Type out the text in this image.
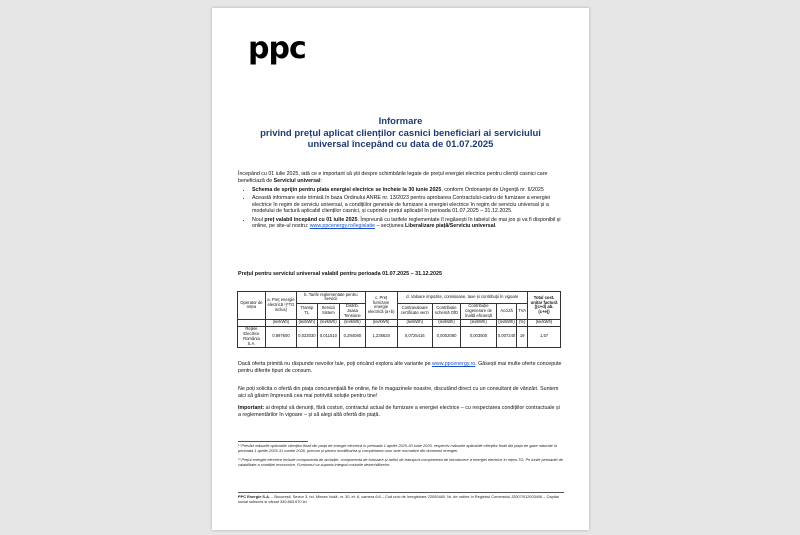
ppc
Informare
privind prețul aplicat clienților casnici beneficiari ai serviciului
universal începând cu data de 01.07.2025
Începând cu 01 iulie 2025, iată ce e important să știi despre schimbările legate de prețul energiei electrice pentru clienții casnici care beneficiază de Serviciul universal:
• Schema de sprijin pentru plata energiei electrice se încheie la 30 iunie 2025, conform Ordonanței de Urgență nr. 6/2025
• Această informare este trimisă în baza Ordinului ANRE nr. 13/2023 pentru aprobarea Contractului-cadru de furnizare a energiei electrice în regim de serviciu universal, a condițiilor generale de furnizare a energiei electrice în regim de serviciu universal și a modelului de factură aplicabil clienților casnici, și cuprinde prețul aplicabil în perioada 01.07.2025 – 31.12.2025.
• Noul preț valabil începând cu 01 iulie 2025. Împreună cu tarifele reglementate îl regăsești în tabelul de mai jos și va fi disponibil și online, pe site-ul nostru: www.ppcenergy.ro/legislatie – secțiunea Liberalizare piață/Serviciu universal.
Prețul pentru serviciul universal valabil pentru perioada 01.07.2025 – 31.12.2025
Operator de rețea	a. Preț energie electrică ¹)*TG inclus)	b. Tarife reglementate pentru servicii			c. Preț furnizare energie electrică (a+b)	d. Valoare impozite, comisioane, taxe și contribuții în vigoare					Total cost. unitar factură ((c+d) ab. (c+e))
		Transp TL	Servicii Sistem	Distrib. Joasa Tensiune		Contravaloare certificate verzi	Contribuție schemă OfD	Contribuție cogenerare de înaltă eficiență	Acciză	TVA	
	(lei/kWh)	(lei/kWh)	(lei/kWh)	(lei/kWh)	(lei/kWh)	(lei/kWh)	(lei/kWh)	(lei/kWh)	(lei/kWh)	(%)	(lei/kWh)
Rețele Electrice România S.A.	0,897600	0,033030	0,011510	0,294080	1,235620	0,0725416	0,0002080	0,003500	0,007240	19	1,57
Dacă oferta primită nu răspunde nevoilor tale, poți oricând explora alte variante pe www.ppcenergy.ro. Găsești mai multe oferte concepute pentru diferite tipuri de consum.
Ne poți solicita o ofertă din piața concurențială fie online, fie în magazinele noastre, discutând direct cu un consultant de vânzări. Suntem aici să găsim împreună cea mai potrivită soluție pentru tine!
Important: ai dreptul să denunți, fără costuri, contractul actual de furnizare a energiei electrice – cu respectarea condițiilor contractuale și a reglementărilor în vigoare – și să alegi altă ofertă din piață.
¹⁾ Prevăd măsurile aplicabile clienților finali din piața de energie electrică în perioada 1 aprilie 2025-30 iunie 2025, respectiv măsurile aplicabile clienților finali din piața de gaze naturale în perioada 1 aprilie 2025-31 martie 2026, precum și pentru modificarea și completarea unor acte normative din domeniul energiei.
²⁾ Prețul energiei electrice include componenta de achiziție, componenta de furnizare și tariful de transport-componenta de introducere a energiei electrice în rețea-TG. Pe lunile perioadei de valabilitate a condiției economice, Furnizorul va suporta integral costurile dezechilibrelor.
PPC Energie S.A. – București, Sector 3, bd. Mircea Vodă, nr. 30, et. 6, camera 6.6 – Cod unic de înregistrare 22000460, Nr. de ordine în Registrul Comerțului J2007/012003406 – Capital social subscris și vărsat 330.883.670 lei
